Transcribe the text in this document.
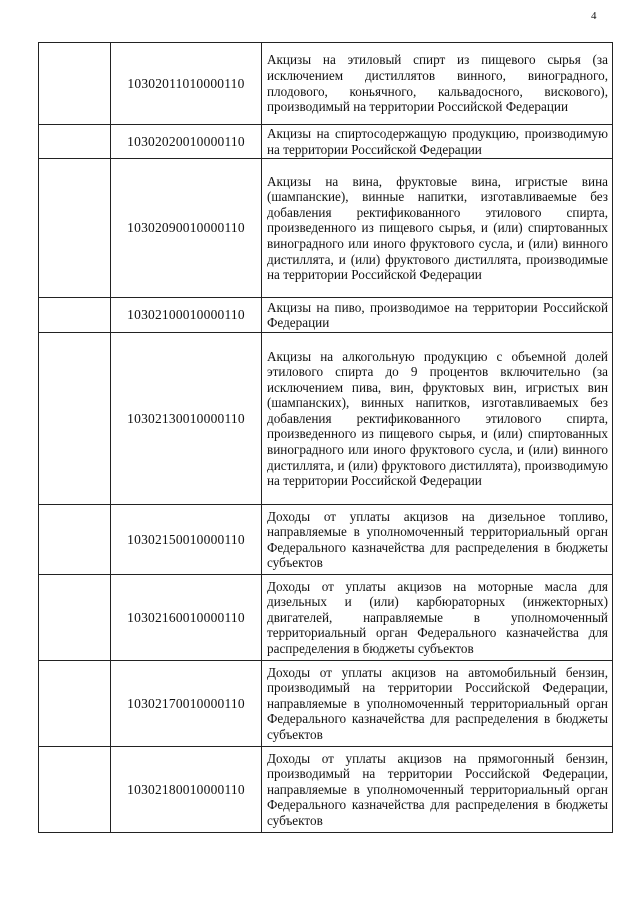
4
	10302011010000110	Акцизы на этиловый спирт из пищевого сырья (за исключением дистиллятов винного, виноградного, плодового, коньячного, кальвадосного, вискового), производимый на территории Российской Федерации
	10302020010000110	Акцизы на спиртосодержащую продукцию, производимую на территории Российской Федерации
	10302090010000110	Акцизы на вина, фруктовые вина, игристые вина (шампанские), винные напитки, изготавливаемые без добавления ректификованного этилового спирта, произведенного из пищевого сырья, и (или) спиртованных виноградного или иного фруктового сусла, и (или) винного дистиллята, и (или) фруктового дистиллята, производимые на территории Российской Федерации
	10302100010000110	Акцизы на пиво, производимое на территории Российской Федерации
	10302130010000110	Акцизы на алкогольную продукцию с объемной долей этилового спирта до 9 процентов включительно (за исключением пива, вин, фруктовых вин, игристых вин (шампанских), винных напитков, изготавливаемых без добавления ректификованного этилового спирта, произведенного из пищевого сырья, и (или) спиртованных виноградного или иного фруктового сусла, и (или) винного дистиллята, и (или) фруктового дистиллята), производимую на территории Российской Федерации
	10302150010000110	Доходы от уплаты акцизов на дизельное топливо, направляемые в уполномоченный территориальный орган Федерального казначейства для распределения в бюджеты субъектов
	10302160010000110	Доходы от уплаты акцизов на моторные масла для дизельных и (или) карбюраторных (инжекторных) двигателей, направляемые в уполномоченный территориальный орган Федерального казначейства для распределения в бюджеты субъектов
	10302170010000110	Доходы от уплаты акцизов на автомобильный бензин, производимый на территории Российской Федерации, направляемые в уполномоченный территориальный орган Федерального казначейства для распределения в бюджеты субъектов
	10302180010000110	Доходы от уплаты акцизов на прямогонный бензин, производимый на территории Российской Федерации, направляемые в уполномоченный территориальный орган Федерального казначейства для распределения в бюджеты субъектов
